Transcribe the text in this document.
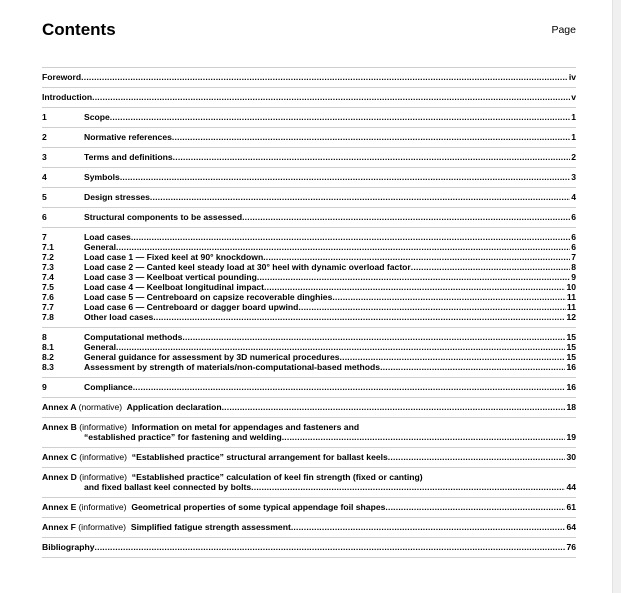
Contents	Page
Foreword .....	iv
Introduction .....	v
1	Scope .....	1
2	Normative references .....	1
3	Terms and definitions .....	2
4	Symbols .....	3
5	Design stresses .....	4
6	Structural components to be assessed .....	6
7	Load cases .....	6
7.1	General .....	6
7.2	Load case 1 — Fixed keel at 90° knockdown .....	7
7.3	Load case 2 — Canted keel steady load at 30° heel with dynamic overload factor .....	8
7.4	Load case 3 — Keelboat vertical pounding .....	9
7.5	Load case 4 — Keelboat longitudinal impact .....	10
7.6	Load case 5 — Centreboard on capsize recoverable dinghies .....	11
7.7	Load case 6 — Centreboard or dagger board upwind .....	11
7.8	Other load cases .....	12
8	Computational methods .....	15
8.1	General .....	15
8.2	General guidance for assessment by 3D numerical procedures .....	15
8.3	Assessment by strength of materials/non-computational-based methods .....	16
9	Compliance .....	16
Annex A (normative) Application declaration .....	18
Annex B (informative) Information on metal for appendages and fasteners and
“established practice” for fastening and welding .....	19
Annex C (informative) “Established practice” structural arrangement for ballast keels .....	30
Annex D (informative) “Established practice” calculation of keel fin strength (fixed or canting)
and fixed ballast keel connected by bolts .....	44
Annex E (informative) Geometrical properties of some typical appendage foil shapes .....	61
Annex F (informative) Simplified fatigue strength assessment .....	64
Bibliography .....	76
